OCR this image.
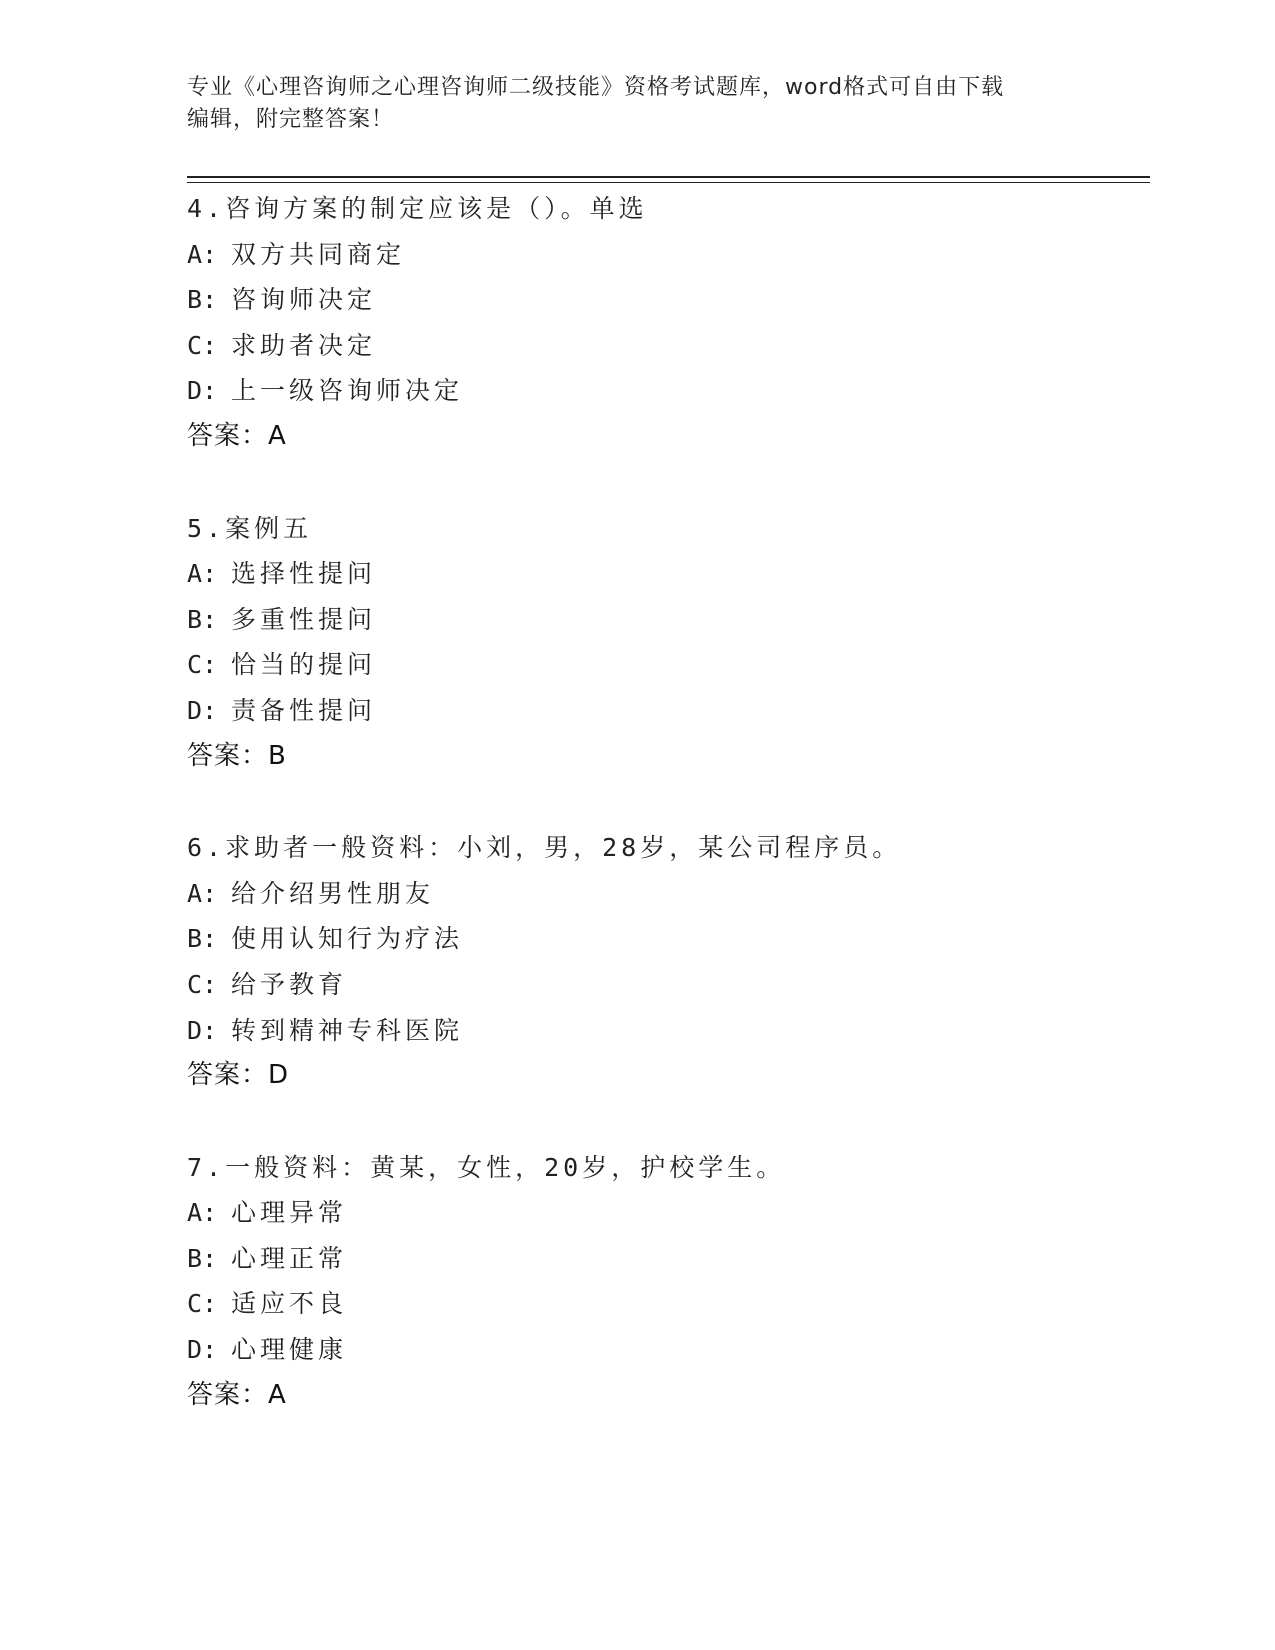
专业《心理咨询师之心理咨询师二级技能》资格考试题库，word格式可自由下载
编辑，附完整答案！
4.咨询方案的制定应该是（）。单选
A: 双方共同商定
B: 咨询师决定
C: 求助者决定
D: 上一级咨询师决定
答案：A
5.案例五
A: 选择性提问
B: 多重性提问
C: 恰当的提问
D: 责备性提问
答案：B
6.求助者一般资料：小刘，男，28岁，某公司程序员。
A: 给介绍男性朋友
B: 使用认知行为疗法
C: 给予教育
D: 转到精神专科医院
答案：D
7.一般资料：黄某，女性，20岁，护校学生。
A: 心理异常
B: 心理正常
C: 适应不良
D: 心理健康
答案：A
